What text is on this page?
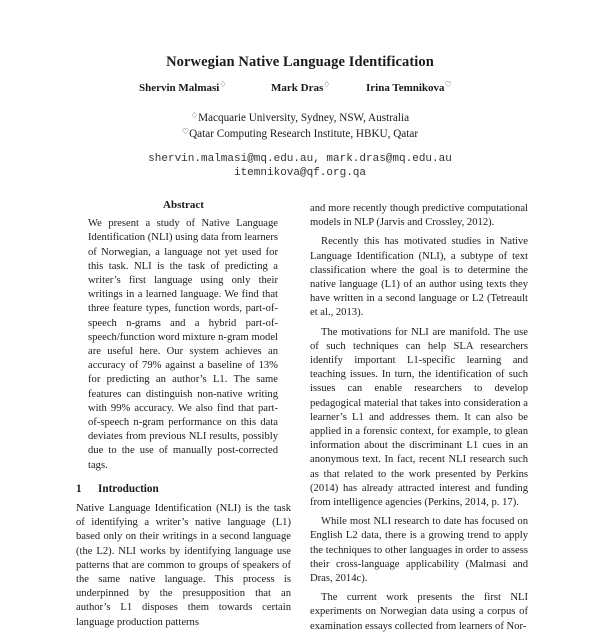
Norwegian Native Language Identification
Shervin Malmasi♢	Mark Dras♢	Irina Temnikova♡
♢Macquarie University, Sydney, NSW, Australia
♡Qatar Computing Research Institute, HBKU, Qatar
shervin.malmasi@mq.edu.au, mark.dras@mq.edu.au
itemnikova@qf.org.qa
Abstract

We present a study of Native Language Identification (NLI) using data from learners of Norwegian, a language not yet used for this task. NLI is the task of predicting a writer’s first language using only their writings in a learned language. We find that three feature types, function words, part-of-speech n-grams and a hybrid part-of-speech/function word mixture n-gram model are useful here. Our system achieves an accuracy of 79% against a baseline of 13% for predicting an author’s L1. The same features can distinguish non-native writing with 99% accuracy. We also find that part-of-speech n-gram performance on this data deviates from previous NLI results, possibly due to the use of manually post-corrected tags.

1 Introduction

Native Language Identification (NLI) is the task of identifying a writer’s native language (L1) based only on their writings in a second language (the L2). NLI works by identifying language use patterns that are common to groups of speakers of the same native language. This process is underpinned by the presupposition that an author’s L1 disposes them towards certain language production patterns

and more recently though predictive computational models in NLP (Jarvis and Crossley, 2012).

Recently this has motivated studies in Native Language Identification (NLI), a subtype of text classification where the goal is to determine the native language (L1) of an author using texts they have written in a second language or L2 (Tetreault et al., 2013).

The motivations for NLI are manifold. The use of such techniques can help SLA researchers identify important L1-specific learning and teaching issues. In turn, the identification of such issues can enable researchers to develop pedagogical material that takes into consideration a learner’s L1 and addresses them. It can also be applied in a forensic context, for example, to glean information about the discriminant L1 cues in an anonymous text. In fact, recent NLI research such as that related to the work presented by Perkins (2014) has already attracted interest and funding from intelligence agencies (Perkins, 2014, p. 17).

While most NLI research to date has focused on English L2 data, there is a growing trend to apply the techniques to other languages in order to assess their cross-language applicability (Malmasi and Dras, 2014c).

The current work presents the first NLI experiments on Norwegian data using a corpus of examination essays collected from learners of Nor-
